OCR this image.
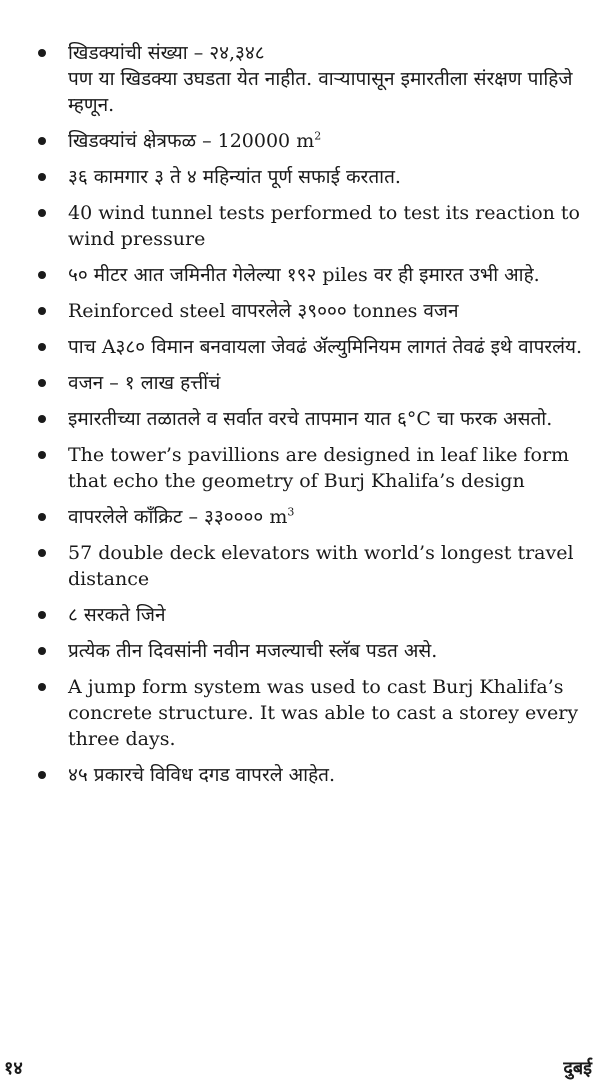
खिडक्यांची संख्या – २४,३४८
पण या खिडक्या उघडता येत नाहीत. वाऱ्यापासून इमारतीला संरक्षण पाहिजे म्हणून.
खिडक्यांचं क्षेत्रफळ – 120000 $m^2$
३६ कामगार ३ ते ४ महिन्यांत पूर्ण सफाई करतात.
40 wind tunnel tests performed to test its reaction to wind pressure
५० मीटर आत जमिनीत गेलेल्या १९२ piles वर ही इमारत उभी आहे.
Reinforced steel वापरलेले ३९००० tonnes वजन
पाच A३८० विमान बनवायला जेवढं ॲल्युमिनियम लागतं तेवढं इथे वापरलंय.
वजन – १ लाख हत्तींचं
इमारतीच्या तळातले व सर्वात वरचे तापमान यात ६°C चा फरक असतो.
The tower’s pavillions are designed in leaf like form that echo the geometry of Burj Khalifa’s design
वापरलेले काँक्रिट – ३३०००० $m^3$
57 double deck elevators with world’s longest travel distance
८ सरकते जिने
प्रत्येक तीन दिवसांनी नवीन मजल्याची स्लॅब पडत असे.
A jump form system was used to cast Burj Khalifa’s concrete structure. It was able to cast a storey every three days.
४५ प्रकारचे विविध दगड वापरले आहेत.
१४	दुबई
